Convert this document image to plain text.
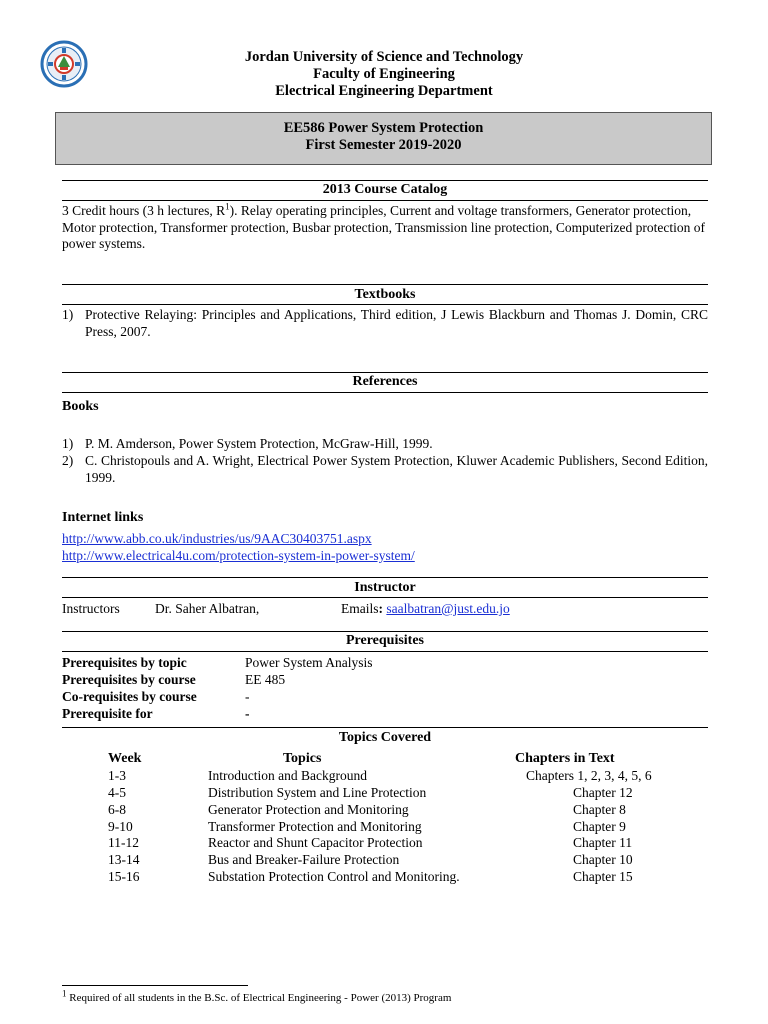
Jordan University of Science and Technology
Faculty of Engineering
Electrical Engineering Department
EE586 Power System Protection
First Semester 2019-2020
2013 Course Catalog
3 Credit hours (3 h lectures, $R^1$). Relay operating principles, Current and voltage transformers, Generator protection, Motor protection, Transformer protection, Busbar protection, Transmission line protection, Computerized protection of power systems.
Textbooks
1) Protective Relaying: Principles and Applications, Third edition, J Lewis Blackburn and Thomas J. Domin, CRC Press, 2007.
References
Books
1) P. M. Amderson, Power System Protection, McGraw-Hill, 1999.
2) C. Christopouls and A. Wright, Electrical Power System Protection, Kluwer Academic Publishers, Second Edition, 1999.
Internet links
http://www.abb.co.uk/industries/us/9AAC30403751.aspx
http://www.electrical4u.com/protection-system-in-power-system/
Instructor
Instructors	Dr. Saher Albatran,	Emails: saalbatran@just.edu.jo
Prerequisites
Prerequisites by topic	Power System Analysis
Prerequisites by course	EE 485
Co-requisites by course	-
Prerequisite for	-
Topics Covered
Week	Topics	Chapters in Text
1-3	Introduction and Background	Chapters 1, 2, 3, 4, 5, 6
4-5	Distribution System and Line Protection	Chapter 12
6-8	Generator Protection and Monitoring	Chapter 8
9-10	Transformer Protection and Monitoring	Chapter 9
11-12	Reactor and Shunt Capacitor Protection	Chapter 11
13-14	Bus and Breaker-Failure Protection	Chapter 10
15-16	Substation Protection Control and Monitoring.	Chapter 15
$^1$ Required of all students in the B.Sc. of Electrical Engineering - Power (2013) Program
